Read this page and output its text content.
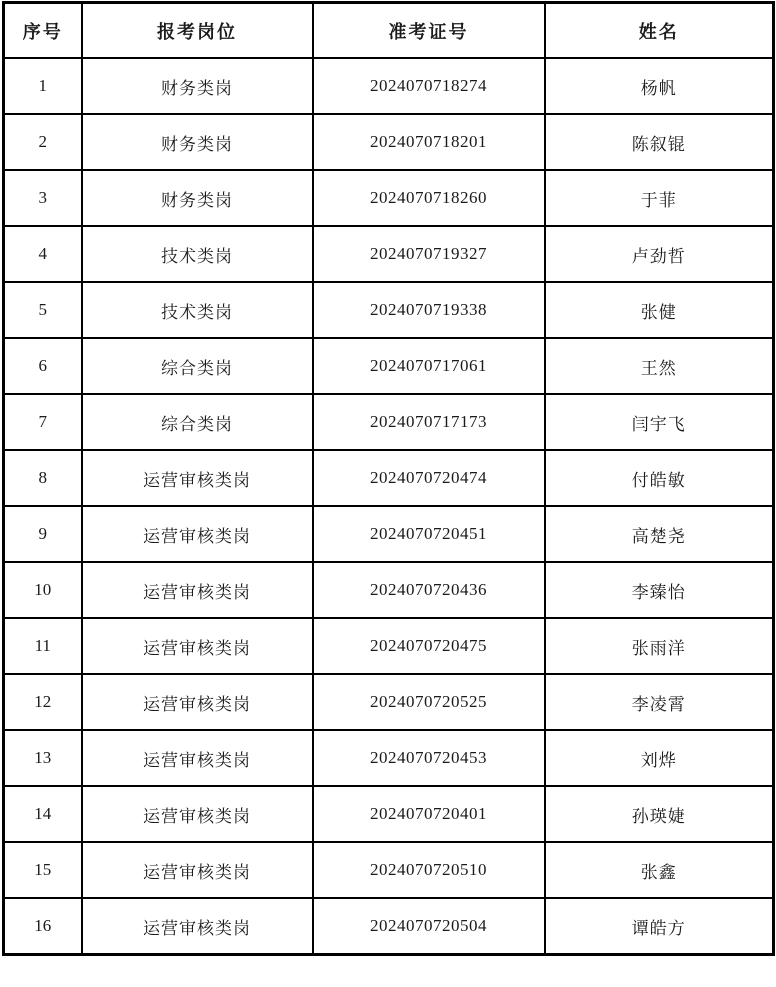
序号	报考岗位	准考证号	姓名
1	财务类岗	2024070718274	杨帆
2	财务类岗	2024070718201	陈叙锟
3	财务类岗	2024070718260	于菲
4	技术类岗	2024070719327	卢劲哲
5	技术类岗	2024070719338	张健
6	综合类岗	2024070717061	王然
7	综合类岗	2024070717173	闫宇飞
8	运营审核类岗	2024070720474	付皓敏
9	运营审核类岗	2024070720451	高楚尧
10	运营审核类岗	2024070720436	李臻怡
11	运营审核类岗	2024070720475	张雨洋
12	运营审核类岗	2024070720525	李凌霄
13	运营审核类岗	2024070720453	刘烨
14	运营审核类岗	2024070720401	孙瑛婕
15	运营审核类岗	2024070720510	张鑫
16	运营审核类岗	2024070720504	谭皓方
